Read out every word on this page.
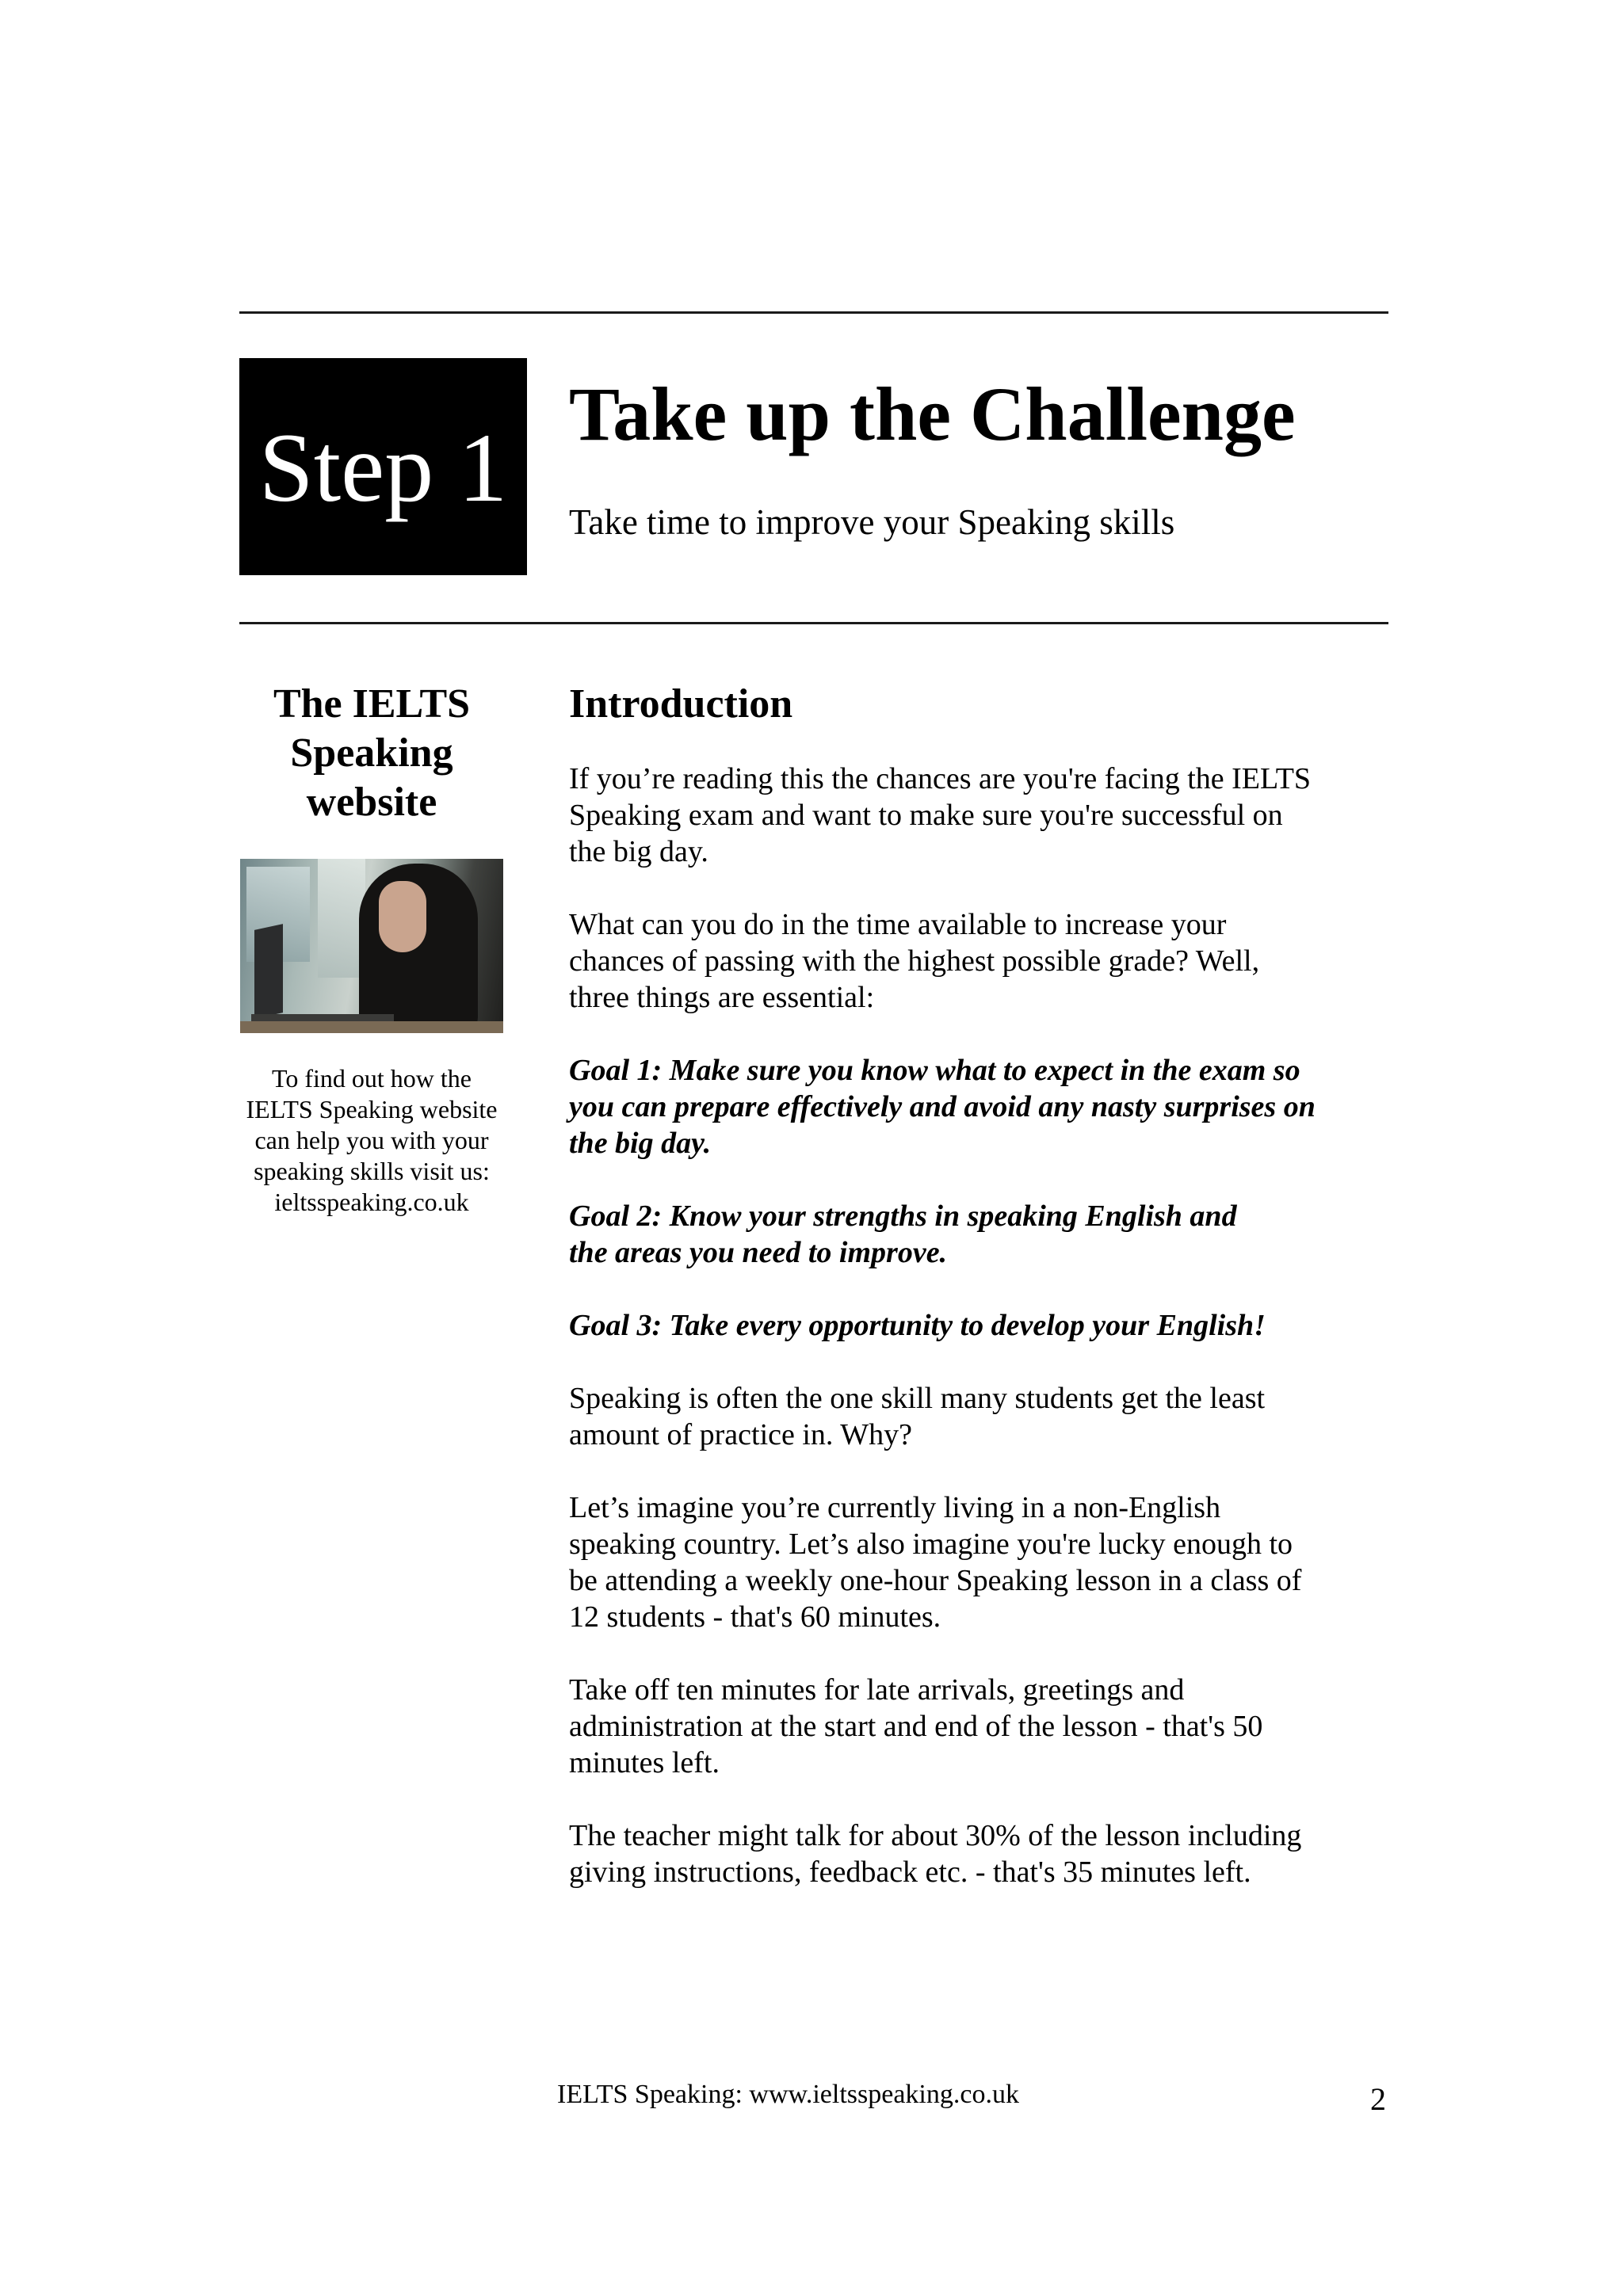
Step 1 Take up the Challenge
Take time to improve your Speaking skills
The IELTS
Speaking
website

To find out how the
IELTS Speaking website
can help you with your
speaking skills visit us:
ieltsspeaking.co.uk

Introduction

If you’re reading this the chances are you're facing the IELTS
Speaking exam and want to make sure you're successful on
the big day.

What can you do in the time available to increase your
chances of passing with the highest possible grade? Well,
three things are essential:

Goal 1: Make sure you know what to expect in the exam so
you can prepare effectively and avoid any nasty surprises on
the big day.

Goal 2: Know your strengths in speaking English and
the areas you need to improve.

Goal 3: Take every opportunity to develop your English!

Speaking is often the one skill many students get the least
amount of practice in. Why?

Let’s imagine you’re currently living in a non-English
speaking country. Let’s also imagine you're lucky enough to
be attending a weekly one-hour Speaking lesson in a class of
12 students - that's 60 minutes.

Take off ten minutes for late arrivals, greetings and
administration at the start and end of the lesson - that's 50
minutes left.

The teacher might talk for about 30% of the lesson including
giving instructions, feedback etc. - that's 35 minutes left.

IELTS Speaking: www.ieltsspeaking.co.uk	2
